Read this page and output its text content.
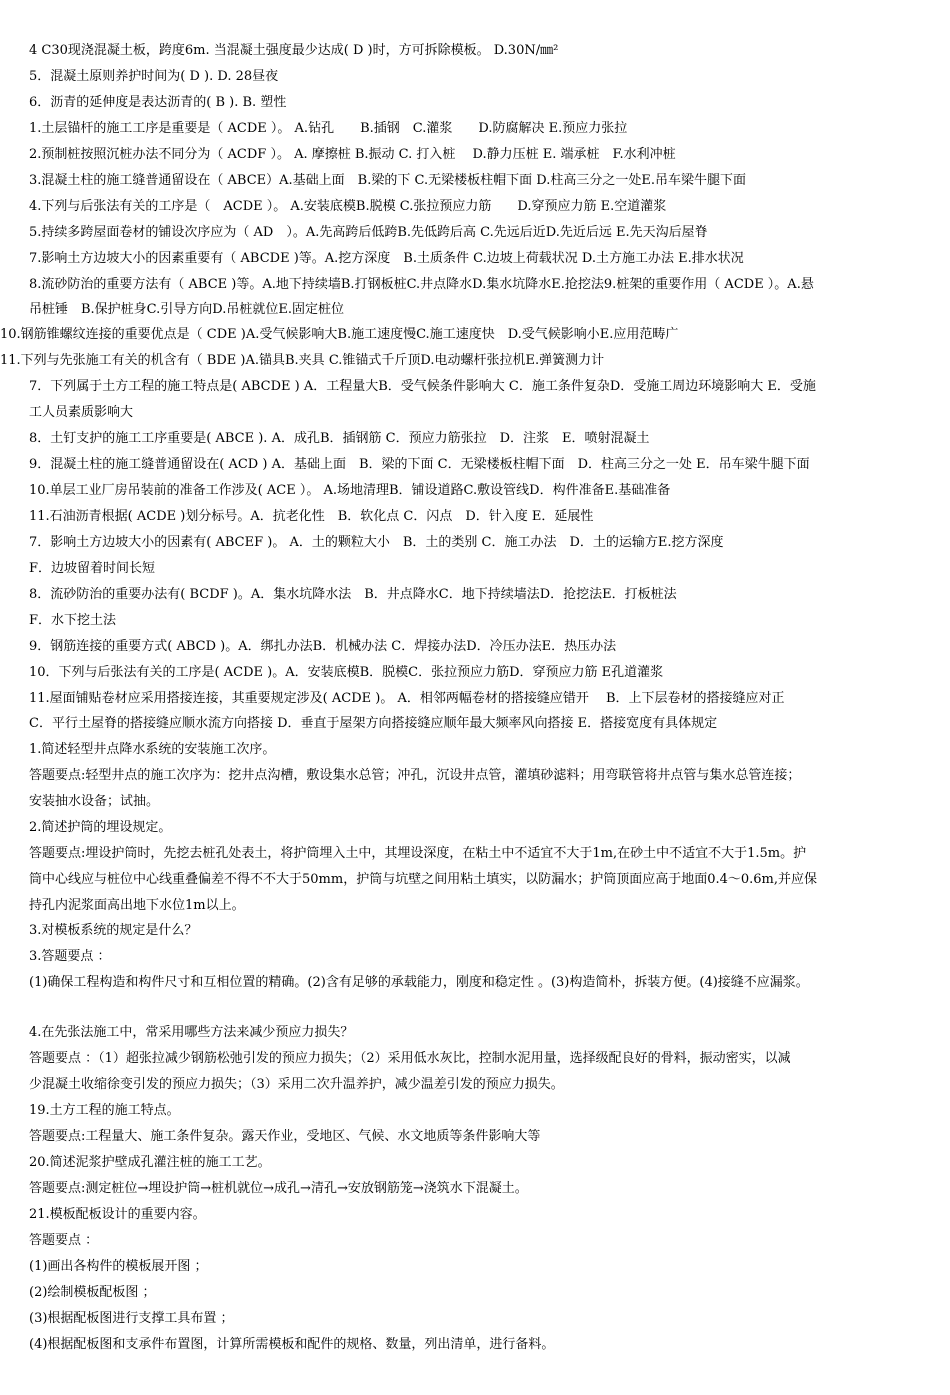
4 C30现浇混凝土板，跨度6m. 当混凝土强度最少达成( D )时，方可拆除模板。 D.30N/㎜²

5．混凝土原则养护时间为( D ). D. 28昼夜

6．沥青的延伸度是表达沥青的( B ). B. 塑性

1.土层锚杆的施工工序是重要是（ ACDE ）。 A.钻孔　　B.插钢　C.灌浆　　D.防腐解决 E.预应力张拉

2.预制桩按照沉桩办法不同分为（ ACDF ）。 A. 摩擦桩 B.振动 C. 打入桩　 D.静力压桩 E. 端承桩　F.水利冲桩

3.混凝土柱的施工缝普通留设在（ ABCE）A.基础上面　B.梁的下 C.无梁楼板柱帽下面 D.柱高三分之一处E.吊车梁牛腿下面

4.下列与后张法有关的工序是（　ACDE ）。 A.安装底模B.脱模 C.张拉预应力筋　　D.穿预应力筋 E.空道灌浆

5.持续多跨屋面卷材的铺设次序应为（ AD　）。A.先高跨后低跨B.先低跨后高 C.先远后近D.先近后远 E.先天沟后屋脊

7.影响土方边坡大小的因素重要有（ ABCDE )等。A.挖方深度　B.土质条件 C.边坡上荷载状况 D.土方施工办法 E.排水状况

8.流砂防治的重要方法有（ ABCE )等。A.地下持续墙B.打钢板桩C.井点降水D.集水坑降水E.抢挖法9.桩架的重要作用（ ACDE ）。A.悬

吊桩锤　B.保护桩身C.引导方向D.吊桩就位E.固定桩位

10.钢筋锥螺纹连接的重要优点是（ CDE )A.受气候影响大B.施工速度慢C.施工速度快　D.受气候影响小E.应用范畴广

11.下列与先张施工有关的机含有（ BDE )A.锚具B.夹具 C.锥锚式千斤顶D.电动螺杆张拉机E.弹簧测力计

7．下列属于土方工程的施工特点是( ABCDE ) A．工程量大B．受气候条件影响大 C．施工条件复杂D．受施工周边环境影响大 E．受施

工人员素质影响大

8．土钉支护的施工工序重要是( ABCE ). A．成孔B．插钢筋 C．预应力筋张拉　D．注浆　E．喷射混凝土

9．混凝土柱的施工缝普通留设在( ACD ) A．基础上面　B．梁的下面 C．无梁楼板柱帽下面　D．柱高三分之一处 E．吊车梁牛腿下面

10.单层工业厂房吊装前的准备工作涉及( ACE ）。 A.场地清理B．铺设道路C.敷设管线D．构件准备E.基础准备

11.石油沥青根据( ACDE )划分标号。A．抗老化性　B．软化点 C．闪点　D．针入度 E．延展性

7．影响土方边坡大小的因素有( ABCEF )。 A．土的颗粒大小　B．土的类别 C．施工办法　D．土的运输方E.挖方深度

F．边坡留着时间长短

8．流砂防治的重要办法有( BCDF )。A．集水坑降水法　B．井点降水C．地下持续墙法D．抢挖法E．打板桩法

F．水下挖土法

9．钢筋连接的重要方式( ABCD )。A．绑扎办法B．机械办法 C．焊接办法D．冷压办法E．热压办法

10．下列与后张法有关的工序是( ACDE )。A．安装底模B．脱模C．张拉预应力筋D．穿预应力筋 E孔道灌浆

11.屋面铺贴卷材应采用搭接连接，其重要规定涉及( ACDE )。 A．相邻两幅卷材的搭接缝应错开　 B．上下层卷材的搭接缝应对正

C．平行土屋脊的搭接缝应顺水流方向搭接 D．垂直于屋架方向搭接缝应顺年最大频率风向搭接 E．搭接宽度有具体规定

1.简述轻型井点降水系统的安装施工次序。

答题要点:轻型井点的施工次序为：挖井点沟槽，敷设集水总管；冲孔，沉设井点管，灌填砂滤料；用弯联管将井点管与集水总管连接；

安装抽水设备；试抽。

2.简述护筒的埋设规定。

答题要点:埋设护筒时，先挖去桩孔处表土，将护筒埋入土中，其埋设深度，在粘土中不适宜不大于1m,在砂土中不适宜不大于1.5m。护

筒中心线应与桩位中心线重叠偏差不得不不大于50mm，护筒与坑壁之间用粘土填实，以防漏水；护筒顶面应高于地面0.4～0.6m,并应保

持孔内泥浆面高出地下水位1m以上。

3.对模板系统的规定是什么？

3.答题要点 ：

(1)确保工程构造和构件尺寸和互相位置的精确。(2)含有足够的承载能力，刚度和稳定性 。(3)构造简朴，拆装方便。(4)接缝不应漏浆。

4.在先张法施工中，常采用哪些方法来减少预应力损失？

答题要点 ：（1）超张拉减少钢筋松弛引发的预应力损失；（2）采用低水灰比，控制水泥用量，选择级配良好的骨料，振动密实，以减

少混凝土收缩徐变引发的预应力损失；（3）采用二次升温养护，减少温差引发的预应力损失。

19.土方工程的施工特点。

答题要点:工程量大、施工条件复杂。露天作业，受地区、气候、水文地质等条件影响大等

20.简述泥浆护壁成孔灌注桩的施工工艺。

答题要点:测定桩位→埋设护筒→桩机就位→成孔→清孔→安放钢筋笼→浇筑水下混凝土。

21.模板配板设计的重要内容。

答题要点 ：

(1)画出各构件的模板展开图 ；

(2)绘制模板配板图 ；

(3)根据配板图进行支撑工具布置 ；

(4)根据配板图和支承件布置图，计算所需模板和配件的规格、数量，列出清单，进行备料。
